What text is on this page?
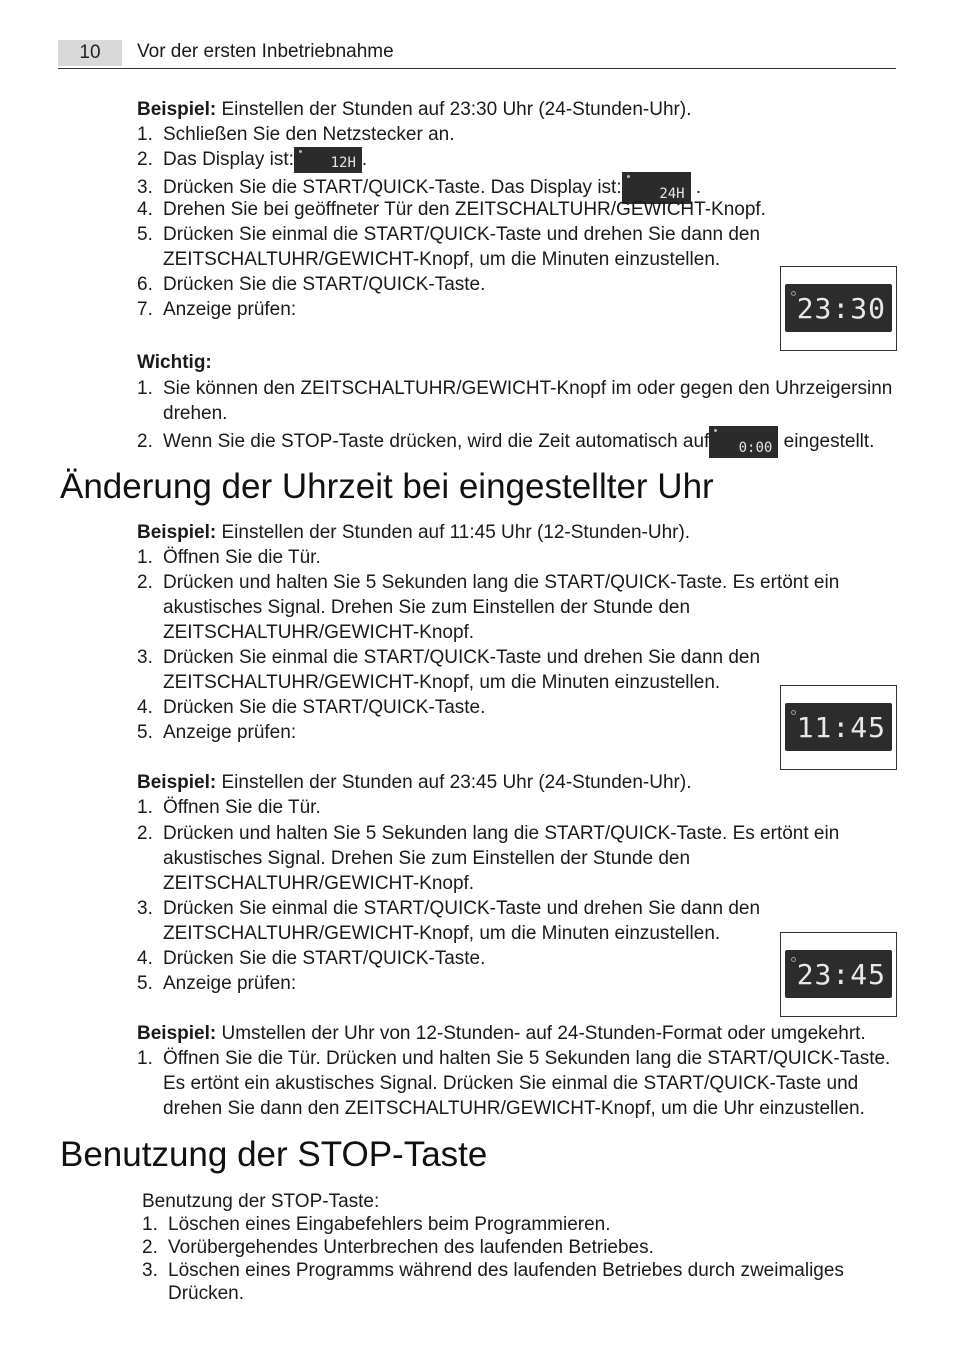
10	Vor der ersten Inbetriebnahme
Beispiel: Einstellen der Stunden auf 23:30 Uhr (24-Stunden-Uhr).
1. Schließen Sie den Netzstecker an.
2. Das Display ist:	12H .
3. Drücken Sie die START/QUICK-Taste. Das Display ist:	24H .
4. Drehen Sie bei geöffneter Tür den ZEITSCHALTUHR/GEWICHT-Knopf.
5. Drücken Sie einmal die START/QUICK-Taste und drehen Sie dann den
ZEITSCHALTUHR/GEWICHT-Knopf, um die Minuten einzustellen.
6. Drücken Sie die START/QUICK-Taste.
7. Anzeige prüfen:	23:30
Wichtig:
1. Sie können den ZEITSCHALTUHR/GEWICHT-Knopf im oder gegen den Uhrzeigersinn
drehen.
2. Wenn Sie die STOP-Taste drücken, wird die Zeit automatisch auf 0:00 eingestellt.
Änderung der Uhrzeit bei eingestellter Uhr
Beispiel: Einstellen der Stunden auf 11:45 Uhr (12-Stunden-Uhr).
1. Öffnen Sie die Tür.
2. Drücken und halten Sie 5 Sekunden lang die START/QUICK-Taste. Es ertönt ein
akustisches Signal. Drehen Sie zum Einstellen der Stunde den
ZEITSCHALTUHR/GEWICHT-Knopf.
3. Drücken Sie einmal die START/QUICK-Taste und drehen Sie dann den
ZEITSCHALTUHR/GEWICHT-Knopf, um die Minuten einzustellen.
4. Drücken Sie die START/QUICK-Taste.
5. Anzeige prüfen:	11:45
Beispiel: Einstellen der Stunden auf 23:45 Uhr (24-Stunden-Uhr).
1. Öffnen Sie die Tür.
2. Drücken und halten Sie 5 Sekunden lang die START/QUICK-Taste. Es ertönt ein
akustisches Signal. Drehen Sie zum Einstellen der Stunde den
ZEITSCHALTUHR/GEWICHT-Knopf.
3. Drücken Sie einmal die START/QUICK-Taste und drehen Sie dann den
ZEITSCHALTUHR/GEWICHT-Knopf, um die Minuten einzustellen.
4. Drücken Sie die START/QUICK-Taste.
5. Anzeige prüfen:	23:45
Beispiel: Umstellen der Uhr von 12-Stunden- auf 24-Stunden-Format oder umgekehrt.
1. Öffnen Sie die Tür. Drücken und halten Sie 5 Sekunden lang die START/QUICK-Taste.
Es ertönt ein akustisches Signal. Drücken Sie einmal die START/QUICK-Taste und
drehen Sie dann den ZEITSCHALTUHR/GEWICHT-Knopf, um die Uhr einzustellen.
Benutzung der STOP-Taste
Benutzung der STOP-Taste:
1. Löschen eines Eingabefehlers beim Programmieren.
2. Vorübergehendes Unterbrechen des laufenden Betriebes.
3. Löschen eines Programms während des laufenden Betriebes durch zweimaliges
Drücken.
